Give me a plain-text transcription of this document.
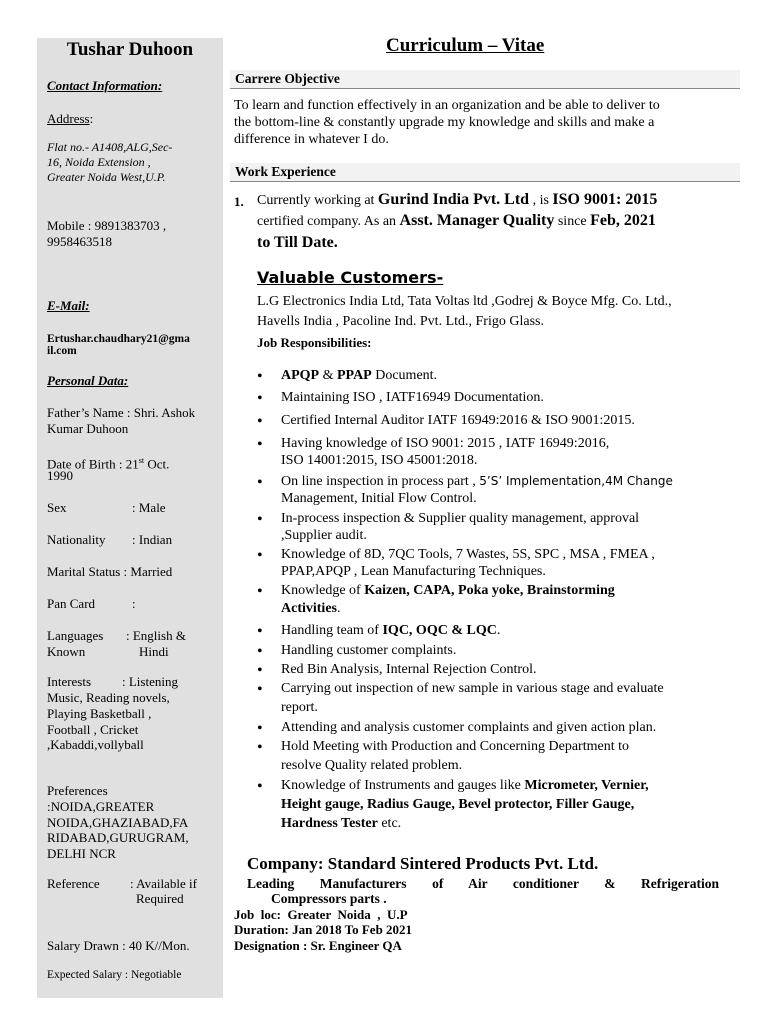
Tushar Duhoon
Contact Information:
Address:
Flat no.- A1408,ALG,Sec-
16, Noida Extension ,
Greater Noida West,U.P.
Mobile : 9891383703 ,
9958463518
E-Mail:
Ertushar.chaudhary21@gma
il.com
Personal Data:
Father’s Name : Shri. Ashok
Kumar Duhoon
Date of Birth : 21st Oct.
1990
Sex	: Male
Nationality : Indian
Marital Status : Married
Pan Card	:
Languages : English &
Known	Hindi
Interests : Listening
Music, Reading novels,
Playing Basketball ,
Football , Cricket
,Kabaddi,vollyball
Preferences
:NOIDA,GREATER
NOIDA,GHAZIABAD,FA
RIDABAD,GURUGRAM,
DELHI NCR
Reference : Available if
Required
Salary Drawn : 40 K//Mon.
Expected Salary : Negotiable
Curriculum – Vitae
Carrere Objective
To learn and function effectively in an organization and be able to deliver to
the bottom-line & constantly upgrade my knowledge and skills and make a
difference in whatever I do.
Work Experience
1. Currently working at Gurind India Pvt. Ltd , is ISO 9001: 2015
certified company. As an Asst. Manager Quality since Feb, 2021
to Till Date.
Valuable Customers-
L.G Electronics India Ltd, Tata Voltas ltd ,Godrej & Boyce Mfg. Co. Ltd.,
Havells India , Pacoline Ind. Pvt. Ltd., Frigo Glass.
Job Responsibilities:
• APQP & PPAP Document.
• Maintaining ISO , IATF16949 Documentation.
• Certified Internal Auditor IATF 16949:2016 & ISO 9001:2015.
• Having knowledge of ISO 9001: 2015 , IATF 16949:2016,
ISO 14001:2015, ISO 45001:2018.
• On line inspection in process part , 5’S’ Implementation,4M Change
Management, Initial Flow Control.
• In-process inspection & Supplier quality management, approval
,Supplier audit.
• Knowledge of 8D, 7QC Tools, 7 Wastes, 5S, SPC , MSA , FMEA ,
PPAP,APQP , Lean Manufacturing Techniques.
• Knowledge of Kaizen, CAPA, Poka yoke, Brainstorming
Activities.
• Handling team of IQC, OQC & LQC.
• Handling customer complaints.
• Red Bin Analysis, Internal Rejection Control.
• Carrying out inspection of new sample in various stage and evaluate
report.
• Attending and analysis customer complaints and given action plan.
• Hold Meeting with Production and Concerning Department to
resolve Quality related problem.
• Knowledge of Instruments and gauges like Micrometer, Vernier,
Height gauge, Radius Gauge, Bevel protector, Filler Gauge,
Hardness Tester etc.
Company: Standard Sintered Products Pvt. Ltd.
Leading Manufacturers of Air conditioner & Refrigeration
Compressors parts .
Job  loc:  Greater  Noida  ,  U.P
Duration: Jan 2018 To Feb 2021
Designation : Sr. Engineer QA
